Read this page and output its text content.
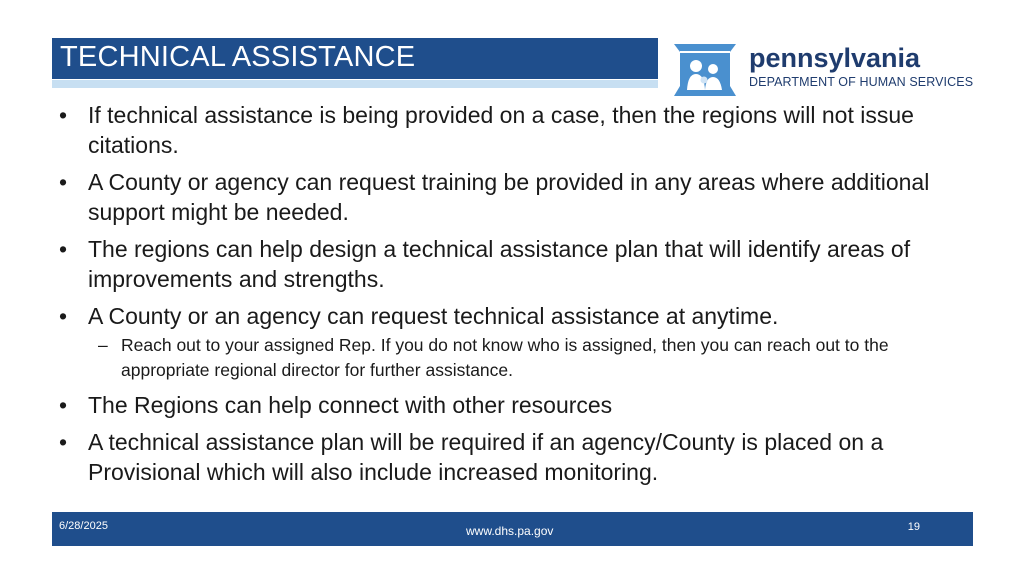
TECHNICAL ASSISTANCE	pennsylvania
DEPARTMENT OF HUMAN SERVICES
• If technical assistance is being provided on a case, then the regions will not issue citations.
• A County or agency can request training be provided in any areas where additional support might be needed.
• The regions can help design a technical assistance plan that will identify areas of improvements and strengths.
• A County or an agency can request technical assistance at anytime.
– Reach out to your assigned Rep. If you do not know who is assigned, then you can reach out to the appropriate regional director for further assistance.
• The Regions can help connect with other resources
• A technical assistance plan will be required if an agency/County is placed on a Provisional which will also include increased monitoring.
6/28/2025	www.dhs.pa.gov	19
